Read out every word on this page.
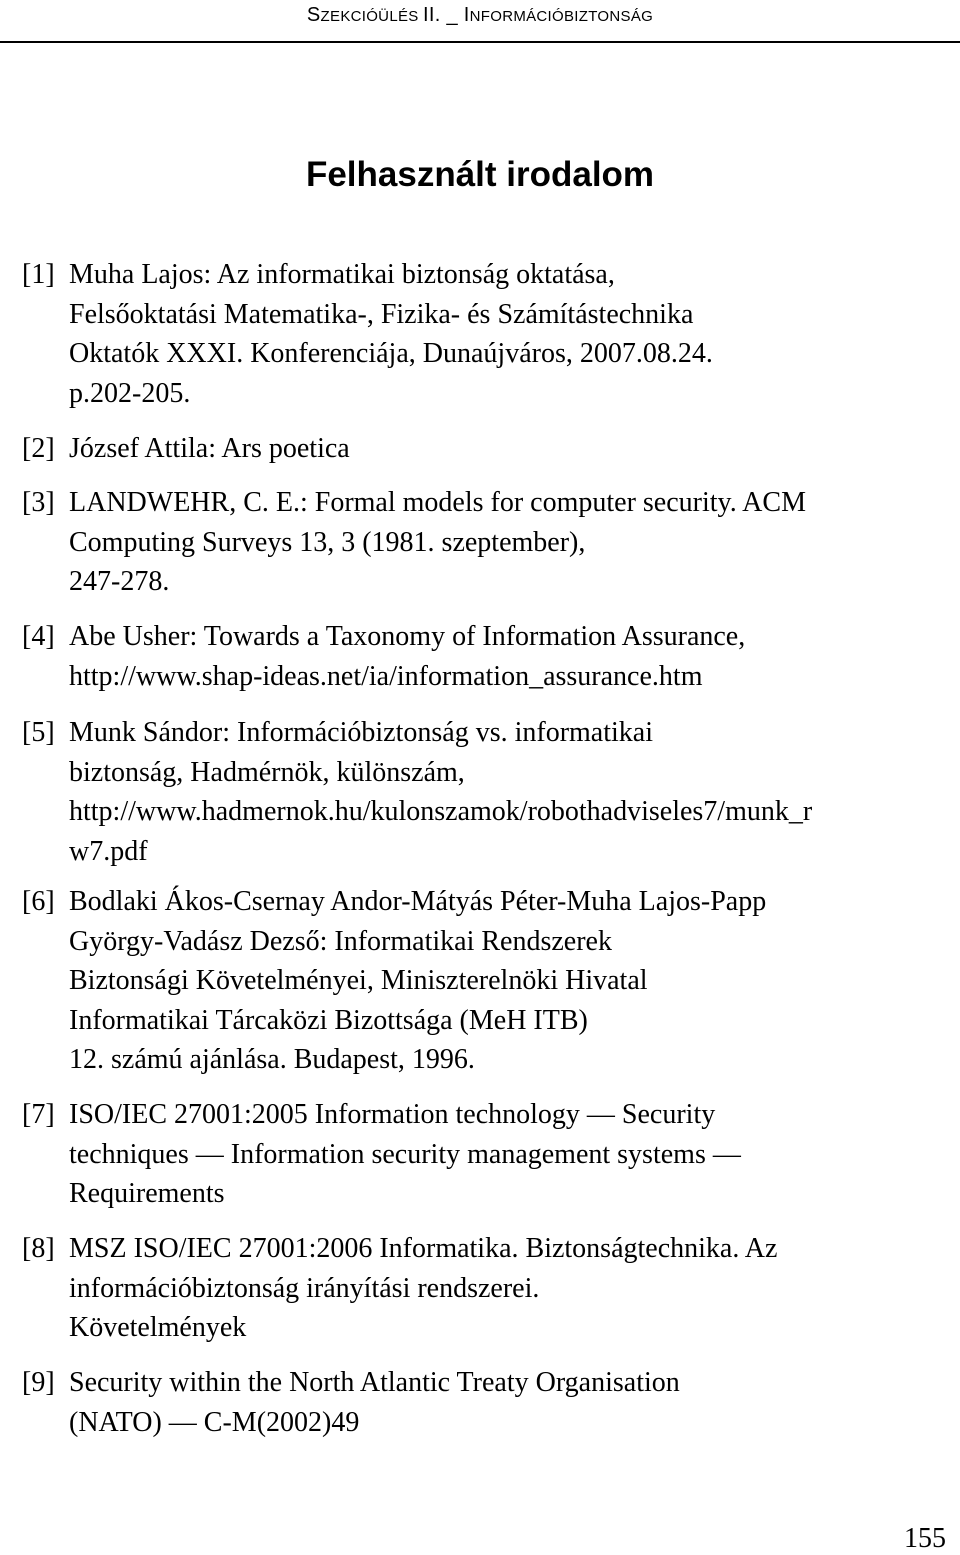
SZEKCIÓÜLÉS II. _ INFORMÁCIÓBIZTONSÁG
Felhasznált irodalom
[1] Muha Lajos: Az informatikai biztonság oktatása,
Felsőoktatási Matematika-, Fizika- és Számítástechnika
Oktatók XXXI. Konferenciája, Dunaújváros, 2007.08.24.
p.202-205.
[2] József Attila: Ars poetica
[3] LANDWEHR, C. E.: Formal models for computer security. ACM
Computing Surveys 13, 3 (1981. szeptember),
247-278.
[4] Abe Usher: Towards a Taxonomy of Information Assurance,
http://www.shap-ideas.net/ia/information_assurance.htm
[5] Munk Sándor: Információbiztonság vs. informatikai
biztonság, Hadmérnök, különszám,
http://www.hadmernok.hu/kulonszamok/robothadviseles7/munk_r
w7.pdf
[6] Bodlaki Ákos-Csernay Andor-Mátyás Péter-Muha Lajos-Papp
György-Vadász Dezső: Informatikai Rendszerek
Biztonsági Követelményei, Miniszterelnöki Hivatal
Informatikai Tárcaközi Bizottsága (MeH ITB)
12. számú ajánlása. Budapest, 1996.
[7] ISO/IEC 27001:2005 Information technology ― Security
techniques ― Information security management systems ―
Requirements
[8] MSZ ISO/IEC 27001:2006 Informatika. Biztonságtechnika. Az
információbiztonság irányítási rendszerei.
Követelmények
[9] Security within the North Atlantic Treaty Organisation
(NATO) ― C-M(2002)49
155
